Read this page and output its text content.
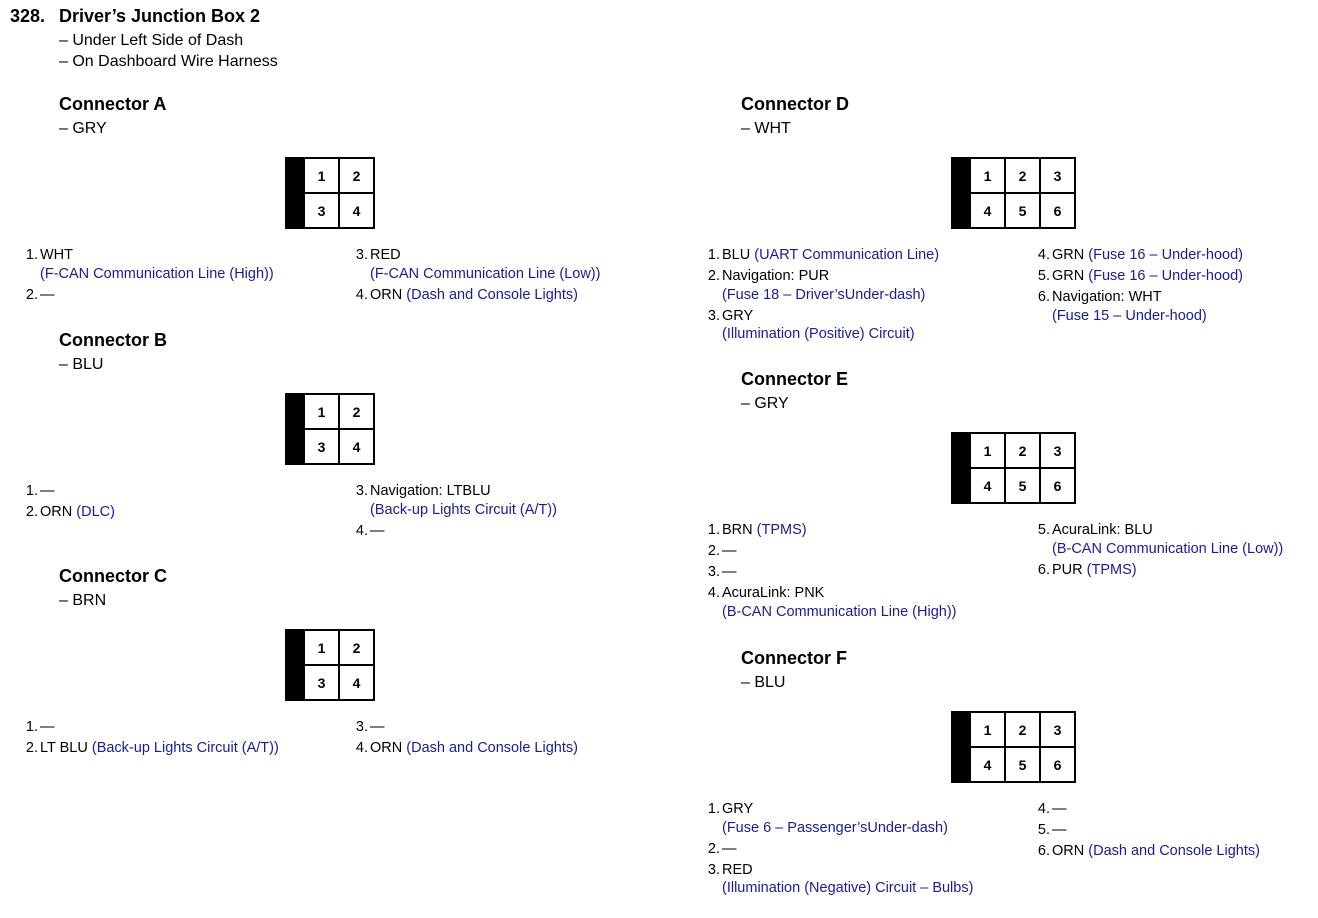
328. Driver’s Junction Box 2
– Under Left Side of Dash
– On Dashboard Wire Harness
Connector A
– GRY
1	2
3	4
1. WHT
(F-CAN Communication Line (High))
2. —
3. RED
(F-CAN Communication Line (Low))
4. ORN (Dash and Console Lights)
Connector B
– BLU
1	2
3	4
1. —
2. ORN (DLC)
3. Navigation: LTBLU
(Back-up Lights Circuit (A/T))
4. —
Connector C
– BRN
1	2
3	4
1. —
2. LT BLU (Back-up Lights Circuit (A/T))
3. —
4. ORN (Dash and Console Lights)
Connector D
– WHT
1	2	3
4	5	6
1. BLU (UART Communication Line)
2. Navigation: PUR
(Fuse 18 – Driver’sUnder-dash)
3. GRY
(Illumination (Positive) Circuit)
4. GRN (Fuse 16 – Under-hood)
5. GRN (Fuse 16 – Under-hood)
6. Navigation: WHT
(Fuse 15 – Under-hood)
Connector E
– GRY
1	2	3
4	5	6
1. BRN (TPMS)
2. —
3. —
4. AcuraLink: PNK
(B-CAN Communication Line (High))
5. AcuraLink: BLU
(B-CAN Communication Line (Low))
6. PUR (TPMS)
Connector F
– BLU
1	2	3
4	5	6
1. GRY
(Fuse 6 – Passenger’sUnder-dash)
2. —
3. RED
(Illumination (Negative) Circuit – Bulbs)
4. —
5. —
6. ORN (Dash and Console Lights)
